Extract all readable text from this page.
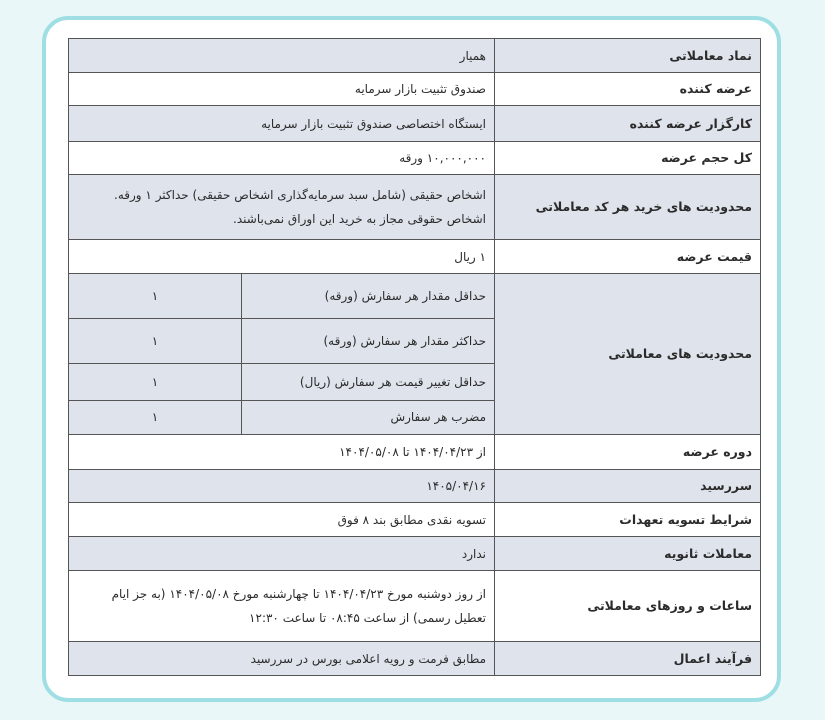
نماد معاملاتی	همیار
عرضه کننده	صندوق تثبیت بازار سرمایه
کارگزار عرضه کننده	ایستگاه اختصاصی صندوق تثبیت بازار سرمایه
کل حجم عرضه	۱۰,۰۰۰,۰۰۰ ورقه
محدودیت های خرید هر کد معاملاتی	اشخاص حقیقی (شامل سبد سرمایه‌گذاری اشخاص حقیقی) حداکثر ۱ ورقه. اشخاص حقوقی مجاز به خرید این اوراق نمی‌باشند.
قیمت عرضه	۱ ریال
محدودیت های معاملاتی	
حداقل مقدار هر سفارش (ورقه)	۱
حداکثر مقدار هر سفارش (ورقه)	۱
حداقل تغییر قیمت هر سفارش (ریال)	۱
مضرب هر سفارش	۱

دوره عرضه	از ۱۴۰۴/۰۴/۲۳ تا ۱۴۰۴/۰۵/۰۸
سررسید	۱۴۰۵/۰۴/۱۶
شرایط تسویه تعهدات	تسویه نقدی مطابق بند ۸ فوق
معاملات ثانویه	ندارد
ساعات و روزهای معاملاتی	از روز دوشنبه مورخ ۱۴۰۴/۰۴/۲۳ تا چهارشنبه مورخ ۱۴۰۴/۰۵/۰۸ (به جز ایام تعطیل رسمی) از ساعت ۰۸:۴۵ تا ساعت ۱۲:۳۰
فرآیند اعمال	مطابق فرمت و رویه اعلامی بورس در سررسید
